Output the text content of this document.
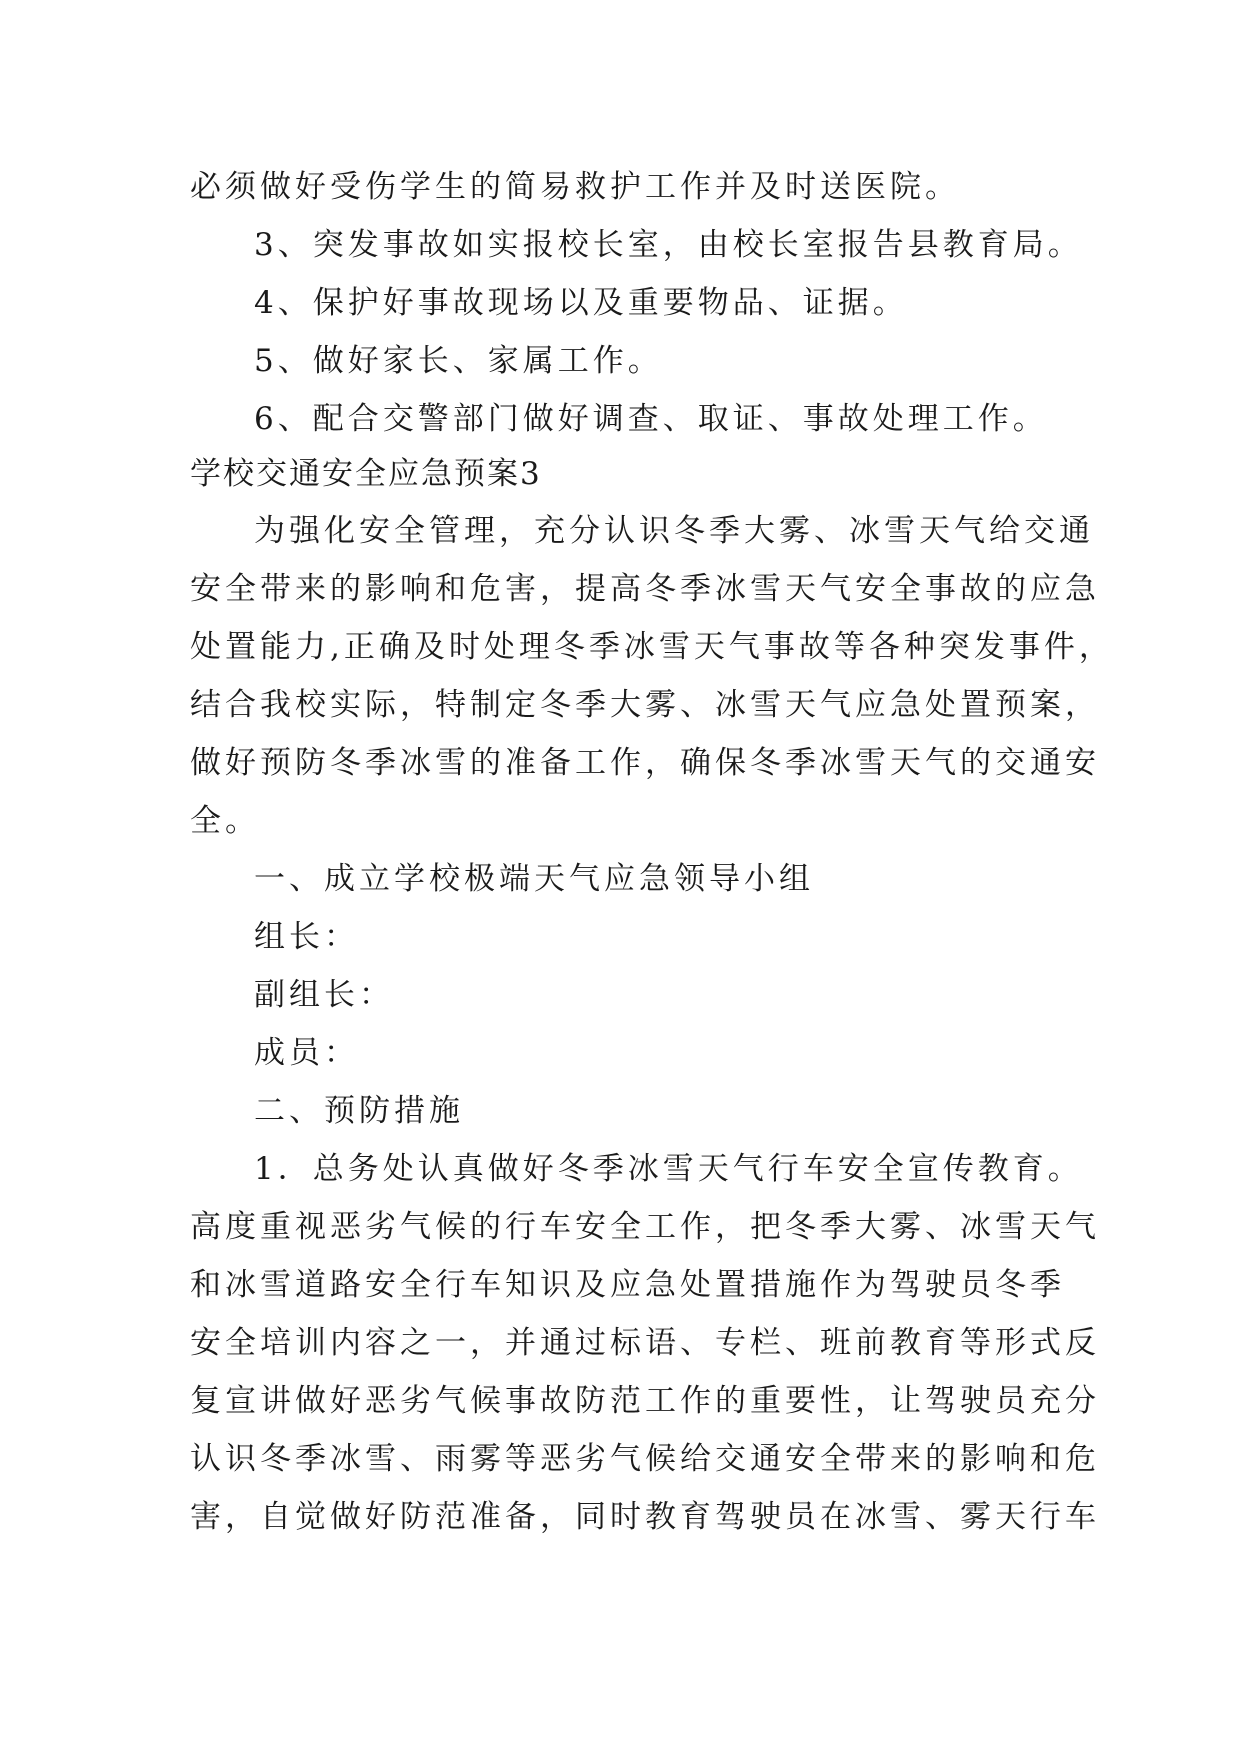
必须做好受伤学生的简易救护工作并及时送医院。
3、突发事故如实报校长室，由校长室报告县教育局。
4、保护好事故现场以及重要物品、证据。
5、做好家长、家属工作。
6、配合交警部门做好调查、取证、事故处理工作。
学校交通安全应急预案3
为强化安全管理，充分认识冬季大雾、冰雪天气给交通
安全带来的影响和危害，提高冬季冰雪天气安全事故的应急
处置能力,正确及时处理冬季冰雪天气事故等各种突发事件，
结合我校实际，特制定冬季大雾、冰雪天气应急处置预案，
做好预防冬季冰雪的准备工作，确保冬季冰雪天气的交通安
全。
一、成立学校极端天气应急领导小组
组长：
副组长：
成员：
二、预防措施
1．总务处认真做好冬季冰雪天气行车安全宣传教育。
高度重视恶劣气候的行车安全工作，把冬季大雾、冰雪天气
和冰雪道路安全行车知识及应急处置措施作为驾驶员冬季
安全培训内容之一，并通过标语、专栏、班前教育等形式反
复宣讲做好恶劣气候事故防范工作的重要性，让驾驶员充分
认识冬季冰雪、雨雾等恶劣气候给交通安全带来的影响和危
害，自觉做好防范准备，同时教育驾驶员在冰雪、雾天行车
